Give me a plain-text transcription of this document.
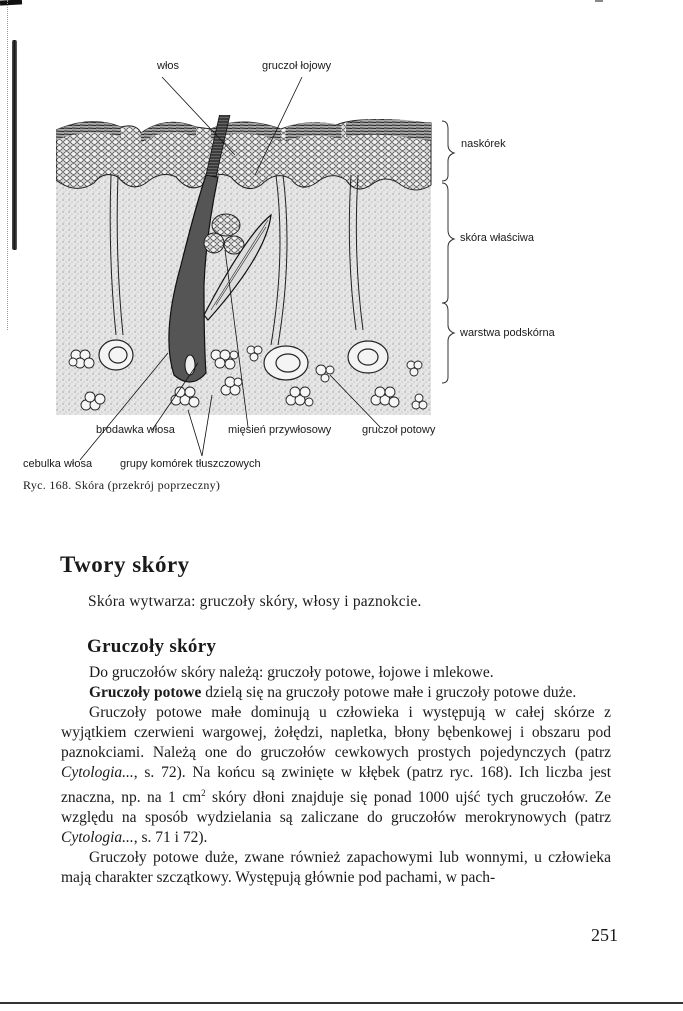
włos	gruczoł łojowy
naskórek
skóra właściwa
warstwa podskórna
brodawka włosa	mięsień przywłosowy	gruczoł potowy
cebulka włosa	grupy komórek tłuszczowych
Ryc. 168. Skóra (przekrój poprzeczny)
Twory skóry

Skóra wytwarza: gruczoły skóry, włosy i paznokcie.

Gruczoły skóry

Do gruczołów skóry należą: gruczoły potowe, łojowe i mlekowe.

Gruczoły potowe dzielą się na gruczoły potowe małe i gruczoły potowe duże.

Gruczoły potowe małe dominują u człowieka i występują w całej skórze z wyjątkiem czerwieni wargowej, żołędzi, napletka, błony bębenkowej i obszaru pod paznokciami. Należą one do gruczołów cewkowych prostych pojedynczych (patrz Cytologia..., s. 72). Na końcu są zwinięte w kłębek (patrz ryc. 168). Ich liczba jest znaczna, np. na 1 $cm^2$ skóry dłoni znajduje się ponad 1000 ujść tych gruczołów. Ze względu na sposób wydzielania są zaliczane do gruczołów merokrynowych (patrz Cytologia..., s. 71 i 72).

Gruczoły potowe duże, zwane również zapachowymi lub wonnymi, u człowieka mają charakter szczątkowy. Występują głównie pod pachami, w pach-

251
